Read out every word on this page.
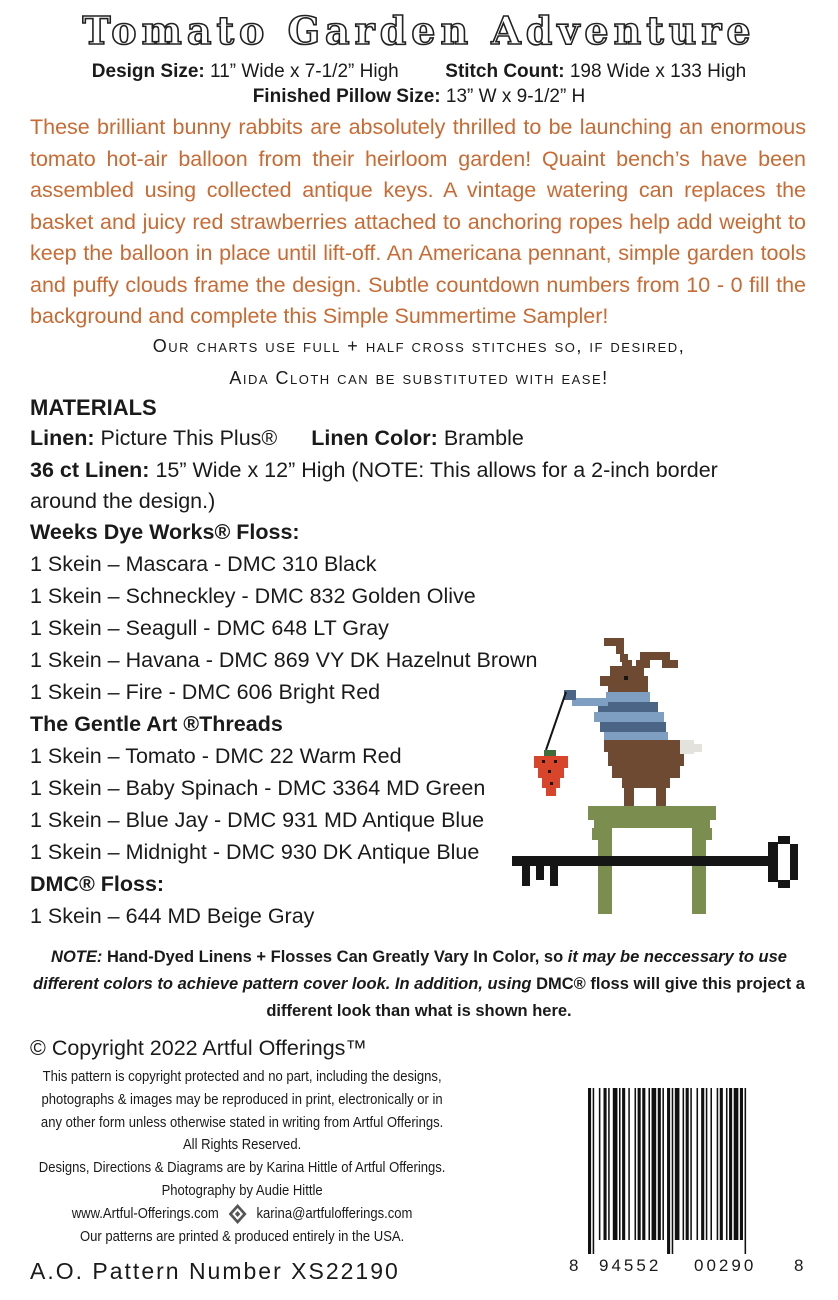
Tomato Garden Adventure
Design Size: 11” Wide x 7-1/2” High Stitch Count: 198 Wide x 133 High
Finished Pillow Size: 13” W x 9-1/2” H
These brilliant bunny rabbits are absolutely thrilled to be launching an enormous tomato hot-air balloon from their heirloom garden! Quaint bench’s have been assembled using collected antique keys. A vintage watering can replaces the basket and juicy red strawberries attached to anchoring ropes help add weight to keep the balloon in place until lift-off. An Americana pennant, simple garden tools and puffy clouds frame the design. Subtle countdown numbers from 10 - 0 fill the background and complete this Simple Summertime Sampler!
Our charts use full + half cross stitches so, if desired,
Aida Cloth can be substituted with ease!
MATERIALS
Linen: Picture This Plus® Linen Color: Bramble
36 ct Linen: 15” Wide x 12” High (NOTE: This allows for a 2-inch border
around the design.)
Weeks Dye Works® Floss:
1 Skein – Mascara - DMC 310 Black
1 Skein – Schneckley - DMC 832 Golden Olive
1 Skein – Seagull - DMC 648 LT Gray
1 Skein – Havana - DMC 869 VY DK Hazelnut Brown
1 Skein – Fire - DMC 606 Bright Red
The Gentle Art ®Threads
1 Skein – Tomato - DMC 22 Warm Red
1 Skein – Baby Spinach - DMC 3364 MD Green
1 Skein – Blue Jay - DMC 931 MD Antique Blue
1 Skein – Midnight - DMC 930 DK Antique Blue
DMC® Floss:
1 Skein – 644 MD Beige Gray
NOTE: Hand-Dyed Linens + Flosses Can Greatly Vary In Color, so it may be neccessary to use different colors to achieve pattern cover look. In addition, using DMC® floss will give this project a different look than what is shown here.
© Copyright 2022 Artful Offerings™
This pattern is copyright protected and no part, including the designs,
photographs & images may be reproduced in print, electronically or in
any other form unless otherwise stated in writing from Artful Offerings.
All Rights Reserved.
Designs, Directions & Diagrams are by Karina Hittle of Artful Offerings.
Photography by Audie Hittle
www.Artful-Offerings.com	karina@artfulofferings.com
Our patterns are printed & produced entirely in the USA.
A.O. Pattern Number XS22190	8 94552 00290 8
